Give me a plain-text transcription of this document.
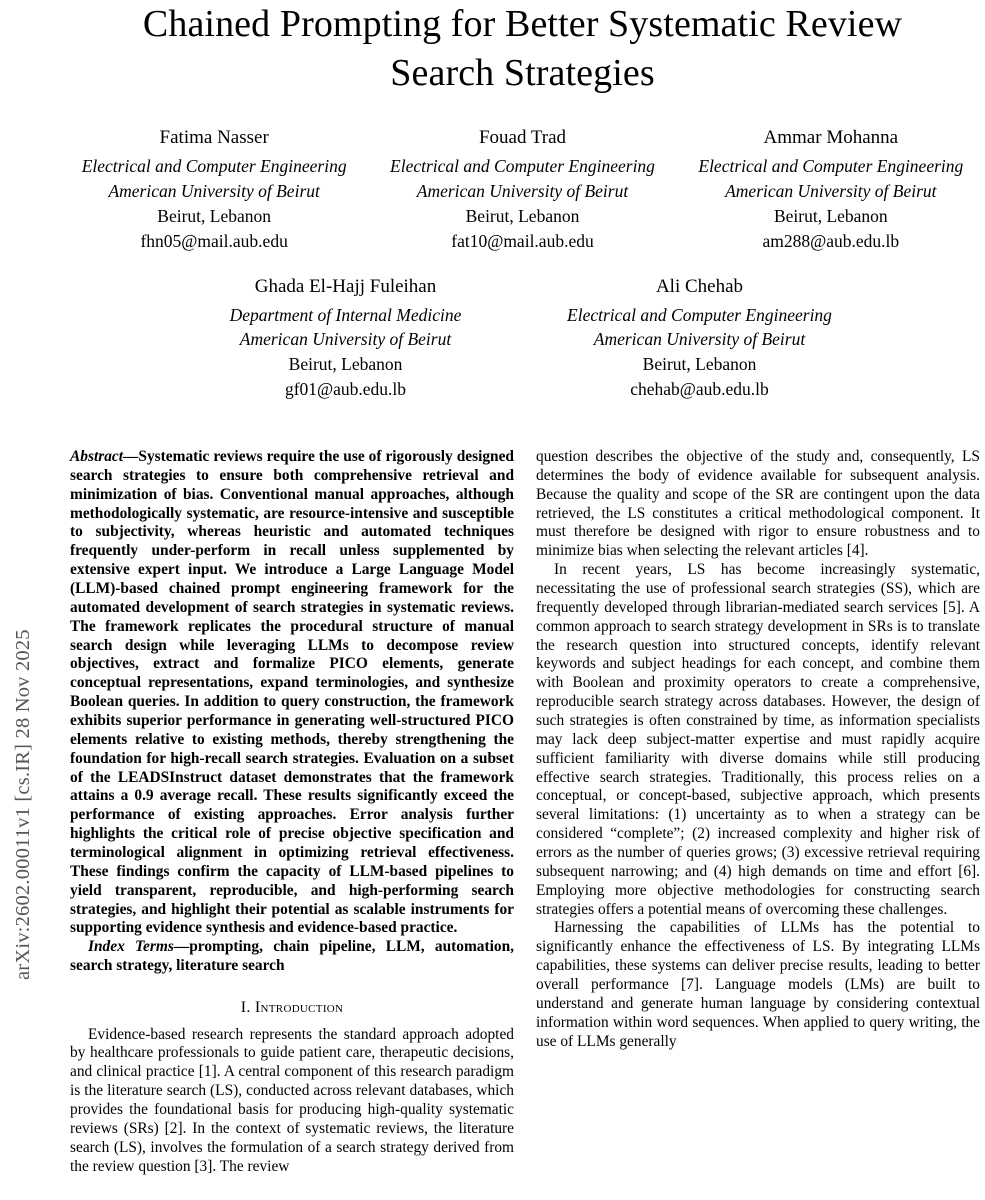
arXiv:2602.00011v1 [cs.IR] 28 Nov 2025
Chained Prompting for Better Systematic Review
Search Strategies
Fatima Nasser
Electrical and Computer Engineering
American University of Beirut
Beirut, Lebanon
fhn05@mail.aub.edu
Fouad Trad
Electrical and Computer Engineering
American University of Beirut
Beirut, Lebanon
fat10@mail.aub.edu
Ammar Mohanna
Electrical and Computer Engineering
American University of Beirut
Beirut, Lebanon
am288@aub.edu.lb
Ghada El-Hajj Fuleihan
Department of Internal Medicine
American University of Beirut
Beirut, Lebanon
gf01@aub.edu.lb
Ali Chehab
Electrical and Computer Engineering
American University of Beirut
Beirut, Lebanon
chehab@aub.edu.lb

Abstract—Systematic reviews require the use of rigorously designed search strategies to ensure both comprehensive retrieval and minimization of bias. Conventional manual approaches, although methodologically systematic, are resource-intensive and susceptible to subjectivity, whereas heuristic and automated techniques frequently under-perform in recall unless supplemented by extensive expert input. We introduce a Large Language Model (LLM)-based chained prompt engineering framework for the automated development of search strategies in systematic reviews. The framework replicates the procedural structure of manual search design while leveraging LLMs to decompose review objectives, extract and formalize PICO elements, generate conceptual representations, expand terminologies, and synthesize Boolean queries. In addition to query construction, the framework exhibits superior performance in generating well-structured PICO elements relative to existing methods, thereby strengthening the foundation for high-recall search strategies. Evaluation on a subset of the LEADSInstruct dataset demonstrates that the framework attains a 0.9 average recall. These results significantly exceed the performance of existing approaches. Error analysis further highlights the critical role of precise objective specification and terminological alignment in optimizing retrieval effectiveness. These findings confirm the capacity of LLM-based pipelines to yield transparent, reproducible, and high-performing search strategies, and highlight their potential as scalable instruments for supporting evidence synthesis and evidence-based practice.

Index Terms—prompting, chain pipeline, LLM, automation, search strategy, literature search

I. Introduction

Evidence-based research represents the standard approach adopted by healthcare professionals to guide patient care, therapeutic decisions, and clinical practice [1]. A central component of this research paradigm is the literature search (LS), conducted across relevant databases, which provides the foundational basis for producing high-quality systematic reviews (SRs) [2]. In the context of systematic reviews, the literature search (LS), involves the formulation of a search strategy derived from the review question [3]. The review

question describes the objective of the study and, consequently, LS determines the body of evidence available for subsequent analysis. Because the quality and scope of the SR are contingent upon the data retrieved, the LS constitutes a critical methodological component. It must therefore be designed with rigor to ensure robustness and to minimize bias when selecting the relevant articles [4].

In recent years, LS has become increasingly systematic, necessitating the use of professional search strategies (SS), which are frequently developed through librarian-mediated search services [5]. A common approach to search strategy development in SRs is to translate the research question into structured concepts, identify relevant keywords and subject headings for each concept, and combine them with Boolean and proximity operators to create a comprehensive, reproducible search strategy across databases. However, the design of such strategies is often constrained by time, as information specialists may lack deep subject-matter expertise and must rapidly acquire sufficient familiarity with diverse domains while still producing effective search strategies. Traditionally, this process relies on a conceptual, or concept-based, subjective approach, which presents several limitations: (1) uncertainty as to when a strategy can be considered “complete”; (2) increased complexity and higher risk of errors as the number of queries grows; (3) excessive retrieval requiring subsequent narrowing; and (4) high demands on time and effort [6]. Employing more objective methodologies for constructing search strategies offers a potential means of overcoming these challenges.

Harnessing the capabilities of LLMs has the potential to significantly enhance the effectiveness of LS. By integrating LLMs capabilities, these systems can deliver precise results, leading to better overall performance [7]. Language models (LMs) are built to understand and generate human language by considering contextual information within word sequences. When applied to query writing, the use of LLMs generally
